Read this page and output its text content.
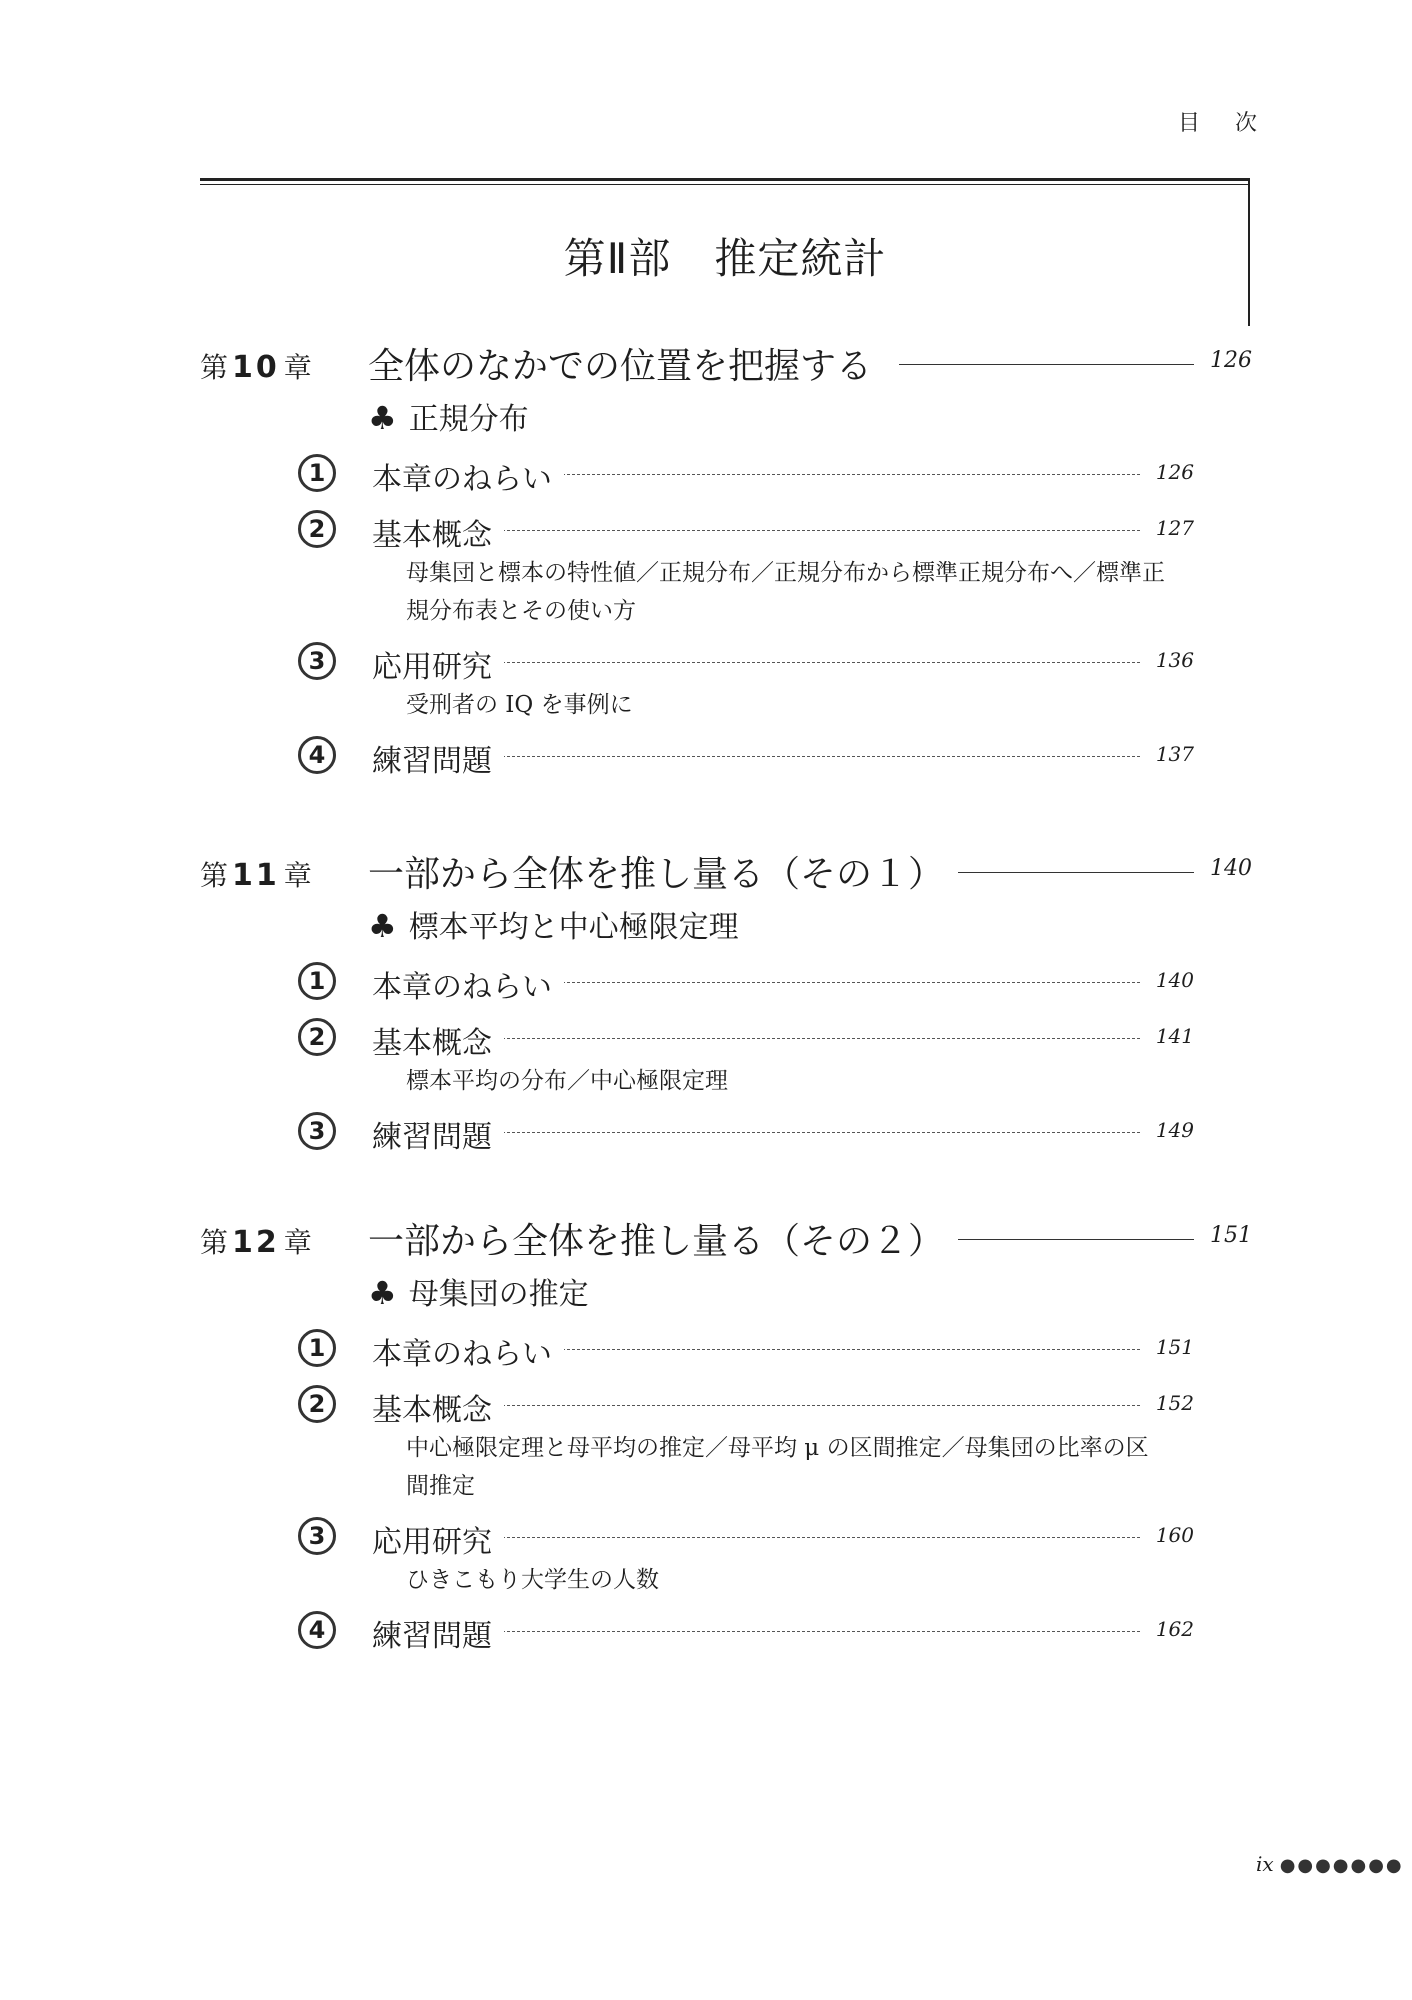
目 次
第Ⅱ部　推定統計
第 10 章 全体のなかでの位置を把握する	126
♣ 正規分布
1	本章のねらい	126
2	基本概念	127
母集団と標本の特性値／正規分布／正規分布から標準正規分布へ／標準正規分布表とその使い方
3	応用研究	136
受刑者の IQ を事例に
4	練習問題	137
第 11 章 一部から全体を推し量る（その１）	140
♣ 標本平均と中心極限定理
1	本章のねらい	140
2	基本概念	141
標本平均の分布／中心極限定理
3	練習問題	149
第 12 章 一部から全体を推し量る（その２）	151
♣ 母集団の推定
1	本章のねらい	151
2	基本概念	152
中心極限定理と母平均の推定／母平均 μ の区間推定／母集団の比率の区間推定
3	応用研究	160
ひきこもり大学生の人数
4	練習問題	162
ix ●●●●●●●
